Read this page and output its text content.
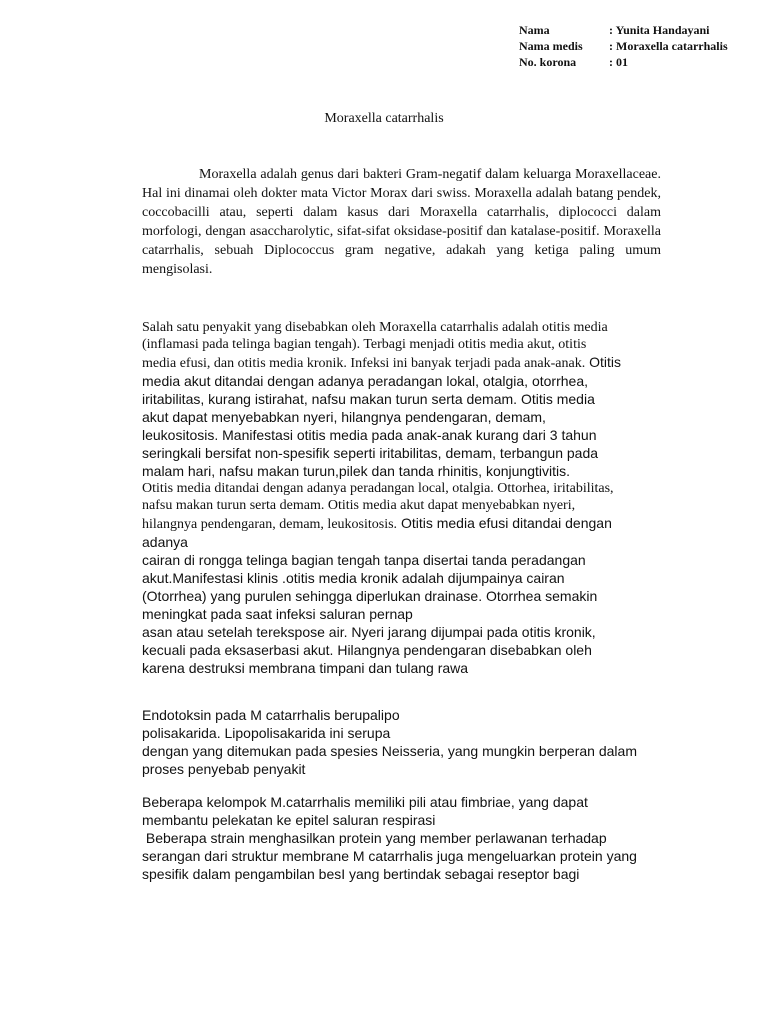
Nama	: Yunita Handayani
Nama medis	: Moraxella catarrhalis
No. korona	: 01
Moraxella catarrhalis

Moraxella adalah genus dari bakteri Gram-negatif dalam keluarga Moraxellaceae. Hal ini dinamai oleh dokter mata Victor Morax dari swiss. Moraxella adalah batang pendek, coccobacilli atau, seperti dalam kasus dari Moraxella catarrhalis, diplococci dalam morfologi, dengan asaccharolytic, sifat-sifat oksidase-positif dan katalase-positif. Moraxella catarrhalis, sebuah Diplococcus gram negative, adakah yang ketiga paling umum mengisolasi.

Salah satu penyakit yang disebabkan oleh Moraxella catarrhalis adalah otitis media
(inflamasi pada telinga bagian tengah). Terbagi menjadi otitis media akut, otitis
media efusi, dan otitis media kronik. Infeksi ini banyak terjadi pada anak-anak. Otitis
media akut ditandai dengan adanya peradangan lokal, otalgia, otorrhea,
iritabilitas, kurang istirahat, nafsu makan turun serta demam. Otitis media
akut dapat menyebabkan nyeri, hilangnya pendengaran, demam,
leukositosis. Manifestasi otitis media pada anak-anak kurang dari 3 tahun
seringkali bersifat non-spesifik seperti iritabilitas, demam, terbangun pada
malam hari, nafsu makan turun,pilek dan tanda rhinitis, konjungtivitis.
Otitis media ditandai dengan adanya peradangan local, otalgia. Ottorhea, iritabilitas,
nafsu makan turun serta demam. Otitis media akut dapat menyebabkan nyeri,
hilangnya pendengaran, demam, leukositosis. Otitis media efusi ditandai dengan
adanya
cairan di rongga telinga bagian tengah tanpa disertai tanda peradangan
akut.Manifestasi klinis .otitis media kronik adalah dijumpainya cairan
(Otorrhea) yang purulen sehingga diperlukan drainase. Otorrhea semakin
meningkat pada saat infeksi saluran pernap
asan atau setelah terekspose air. Nyeri jarang dijumpai pada otitis kronik,
kecuali pada eksaserbasi akut. Hilangnya pendengaran disebabkan oleh
karena destruksi membrana timpani dan tulang rawa
Endotoksin pada M catarrhalis berupalipo
polisakarida. Lipopolisakarida ini serupa
dengan yang ditemukan pada spesies Neisseria, yang mungkin berperan dalam
proses penyebab penyakit
Beberapa kelompok M.catarrhalis memiliki pili atau fimbriae, yang dapat
membantu pelekatan ke epitel saluran respirasi
Beberapa strain menghasilkan protein yang member perlawanan terhadap
serangan dari struktur membrane M catarrhalis juga mengeluarkan protein yang
spesifik dalam pengambilan besI yang bertindak sebagai reseptor bagi
